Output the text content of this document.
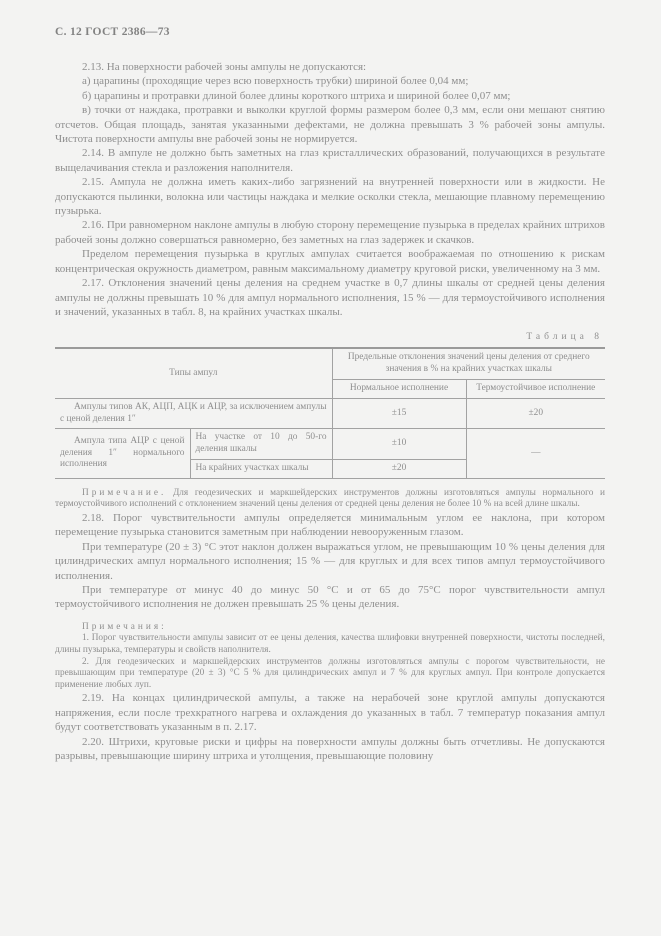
С. 12 ГОСТ 2386—73

2.13. На поверхности рабочей зоны ампулы не допускаются:

а) царапины (проходящие через всю поверхность трубки) шириной более 0,04 мм;

б) царапины и протравки длиной более длины короткого штриха и шириной более 0,07 мм;

в) точки от наждака, протравки и выколки круглой формы размером более 0,3 мм, если они мешают снятию отсчетов. Общая площадь, занятая указанными дефектами, не должна превышать 3 % рабочей зоны ампулы. Чистота поверхности ампулы вне рабочей зоны не нормируется.

2.14. В ампуле не должно быть заметных на глаз кристаллических образований, получающихся в результате выщелачивания стекла и разложения наполнителя.

2.15. Ампула не должна иметь каких-либо загрязнений на внутренней поверхности или в жидкости. Не допускаются пылинки, волокна или частицы наждака и мелкие осколки стекла, мешающие плавному перемещению пузырька.

2.16. При равномерном наклоне ампулы в любую сторону перемещение пузырька в пределах крайних штрихов рабочей зоны должно совершаться равномерно, без заметных на глаз задержек и скачков.

Пределом перемещения пузырька в круглых ампулах считается воображаемая по отношению к рискам концентрическая окружность диаметром, равным максимальному диаметру круговой риски, увеличенному на 3 мм.

2.17. Отклонения значений цены деления на среднем участке в 0,7 длины шкалы от средней цены деления ампулы не должны превышать 10 % для ампул нормального исполнения, 15 % — для термоустойчивого исполнения и значений, указанных в табл. 8, на крайних участках шкалы.

Таблица 8

Типы ампул		Предельные отклонения значений цены деления от среднего значения в % на крайних участках шкалы	
		Нормальное исполнение	Термоустойчивое исполнение
Ампулы типов АК, АЦП, АЦК и АЦР, за исключением ампулы с ценой деления 1″		±15	±20
Ампула типа АЦР с ценой деления 1″ нормального исполнения	На участке от 10 до 50-го деления шкалы	±10	—
	На крайних участках шкалы	±20	

Примечание. Для геодезических и маркшейдерских инструментов должны изготовляться ампулы нормального и термоустойчивого исполнений с отклонением значений цены деления от средней цены деления не более 10 % на всей длине шкалы.

2.18. Порог чувствительности ампулы определяется минимальным углом ее наклона, при котором перемещение пузырька становится заметным при наблюдении невооруженным глазом.

При температуре (20 ± 3) °С этот наклон должен выражаться углом, не превышающим 10 % цены деления для цилиндрических ампул нормального исполнения; 15 % — для круглых и для всех типов ампул термоустойчивого исполнения.

При температуре от минус 40 до минус 50 °С и от 65 до 75°С порог чувствительности ампул термоустойчивого исполнения не должен превышать 25 % цены деления.

Примечания:

1. Порог чувствительности ампулы зависит от ее цены деления, качества шлифовки внутренней поверхности, чистоты последней, длины пузырька, температуры и свойств наполнителя.

2. Для геодезических и маркшейдерских инструментов должны изготовляться ампулы с порогом чувствительности, не превышающим при температуре (20 ± 3) °С 5 % для цилиндрических ампул и 7 % для круглых ампул. При контроле допускается применение любых луп.

2.19. На концах цилиндрической ампулы, а также на нерабочей зоне круглой ампулы допускаются напряжения, если после трехкратного нагрева и охлаждения до указанных в табл. 7 температур показания ампул будут соответствовать указанным в п. 2.17.

2.20. Штрихи, круговые риски и цифры на поверхности ампулы должны быть отчетливы. Не допускаются разрывы, превышающие ширину штриха и утолщения, превышающие половину
